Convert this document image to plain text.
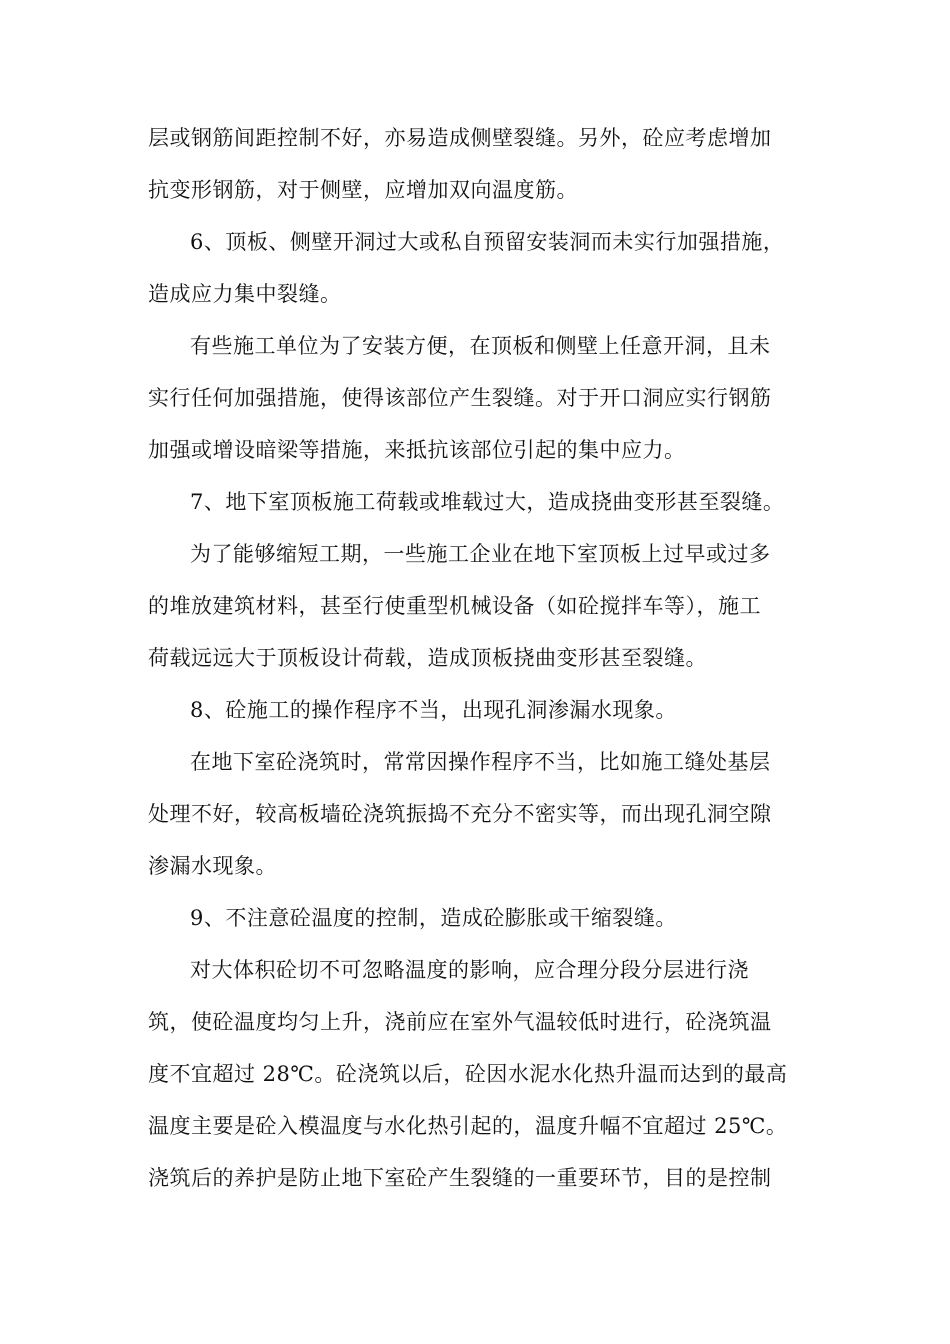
层或钢筋间距控制不好，亦易造成侧壁裂缝。另外，砼应考虑增加
抗变形钢筋，对于侧壁，应增加双向温度筋。
6、顶板、侧壁开洞过大或私自预留安装洞而未实行加强措施，
造成应力集中裂缝。
有些施工单位为了安装方便，在顶板和侧壁上任意开洞，且未
实行任何加强措施，使得该部位产生裂缝。对于开口洞应实行钢筋
加强或增设暗梁等措施，来抵抗该部位引起的集中应力。
7、地下室顶板施工荷载或堆载过大，造成挠曲变形甚至裂缝。
为了能够缩短工期，一些施工企业在地下室顶板上过早或过多
的堆放建筑材料，甚至行使重型机械设备（如砼搅拌车等），施工
荷载远远大于顶板设计荷载，造成顶板挠曲变形甚至裂缝。
8、砼施工的操作程序不当，出现孔洞渗漏水现象。
在地下室砼浇筑时，常常因操作程序不当，比如施工缝处基层
处理不好，较高板墙砼浇筑振捣不充分不密实等，而出现孔洞空隙
渗漏水现象。
9、不注意砼温度的控制，造成砼膨胀或干缩裂缝。
对大体积砼切不可忽略温度的影响，应合理分段分层进行浇
筑，使砼温度均匀上升，浇前应在室外气温较低时进行，砼浇筑温
度不宜超过 28℃。砼浇筑以后，砼因水泥水化热升温而达到的最高
温度主要是砼入模温度与水化热引起的，温度升幅不宜超过 25℃。
浇筑后的养护是防止地下室砼产生裂缝的一重要环节，目的是控制
